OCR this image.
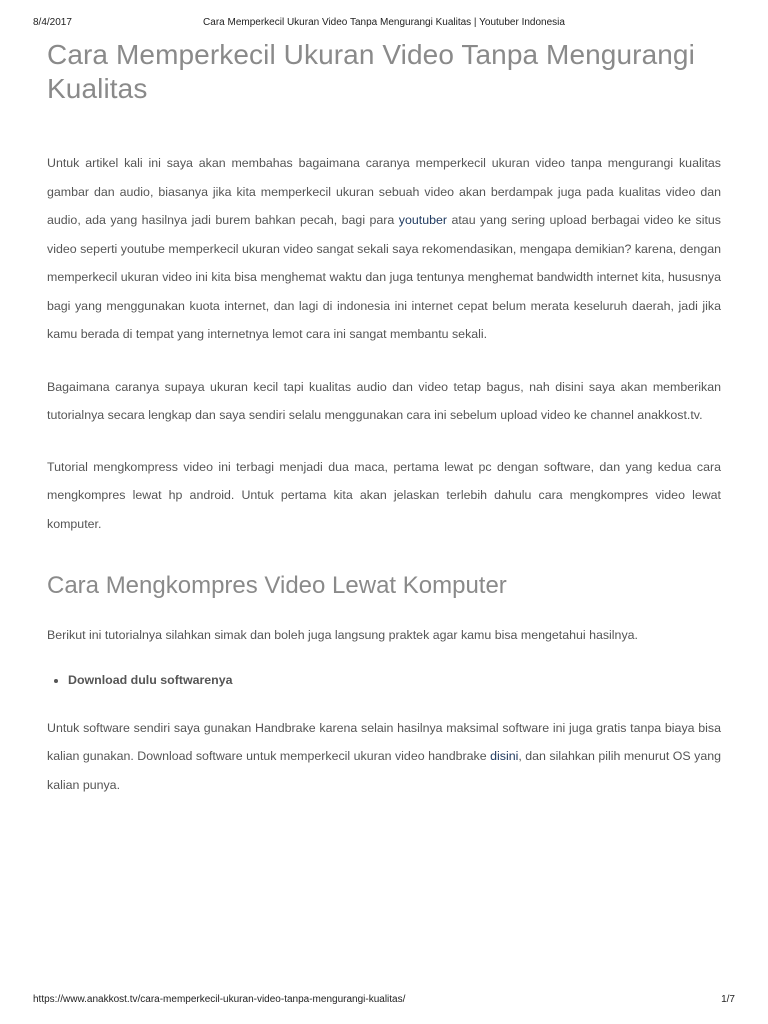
8/4/2017	Cara Memperkecil Ukuran Video Tanpa Mengurangi Kualitas | Youtuber Indonesia
Cara Memperkecil Ukuran Video Tanpa Mengurangi Kualitas

Untuk artikel kali ini saya akan membahas bagaimana caranya memperkecil ukuran video tanpa mengurangi kualitas gambar dan audio, biasanya jika kita memperkecil ukuran sebuah video akan berdampak juga pada kualitas video dan audio, ada yang hasilnya jadi burem bahkan pecah, bagi para youtuber atau yang sering upload berbagai video ke situs video seperti youtube memperkecil ukuran video sangat sekali saya rekomendasikan, mengapa demikian? karena, dengan memperkecil ukuran video ini kita bisa menghemat waktu dan juga tentunya menghemat bandwidth internet kita, hususnya bagi yang menggunakan kuota internet, dan lagi di indonesia ini internet cepat belum merata keseluruh daerah, jadi jika kamu berada di tempat yang internetnya lemot cara ini sangat membantu sekali.

Bagaimana caranya supaya ukuran kecil tapi kualitas audio dan video tetap bagus, nah disini saya akan memberikan tutorialnya secara lengkap dan saya sendiri selalu menggunakan cara ini sebelum upload video ke channel anakkost.tv.

Tutorial mengkompress video ini terbagi menjadi dua maca, pertama lewat pc dengan software, dan yang kedua cara mengkompres lewat hp android. Untuk pertama kita akan jelaskan terlebih dahulu cara mengkompres video lewat komputer.

Cara Mengkompres Video Lewat Komputer

Berikut ini tutorialnya silahkan simak dan boleh juga langsung praktek agar kamu bisa mengetahui hasilnya.

• Download dulu softwarenya

Untuk software sendiri saya gunakan Handbrake karena selain hasilnya maksimal software ini juga gratis tanpa biaya bisa kalian gunakan. Download software untuk memperkecil ukuran video handbrake disini, dan silahkan pilih menurut OS yang kalian punya.

https://www.anakkost.tv/cara-memperkecil-ukuran-video-tanpa-mengurangi-kualitas/	1/7
